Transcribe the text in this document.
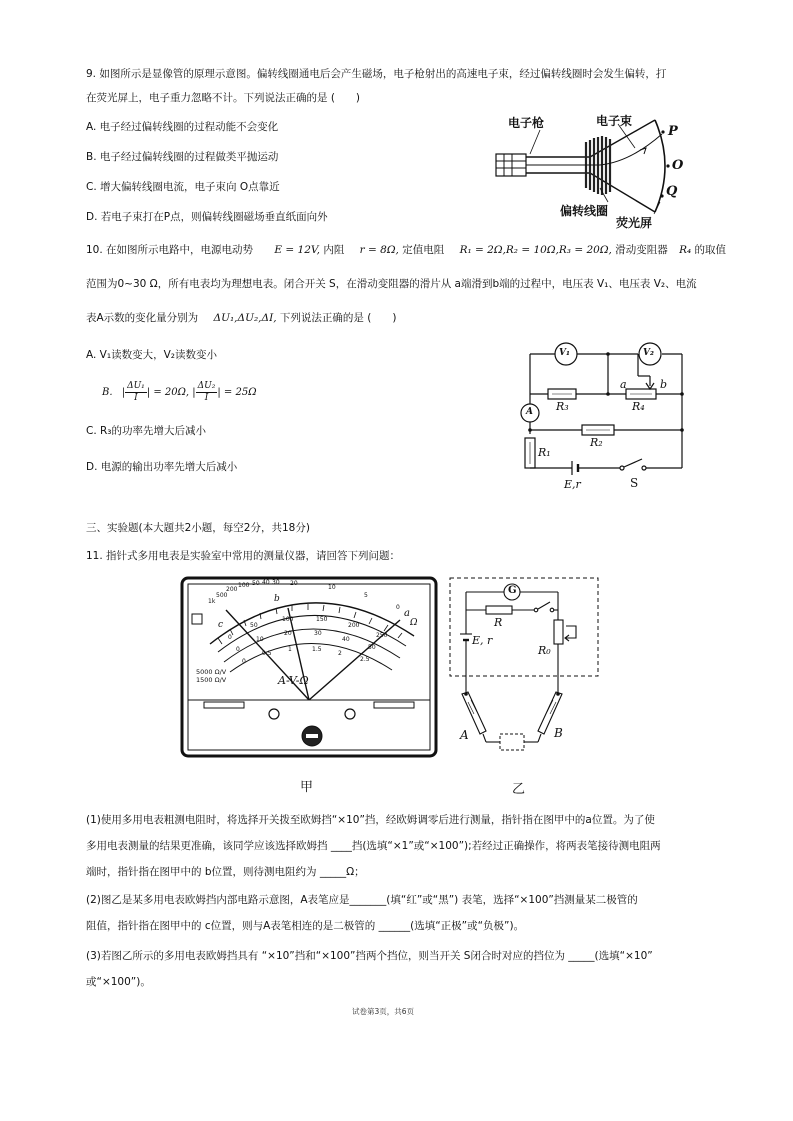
9. 如图所示是显像管的原理示意图。偏转线圈通电后会产生磁场，电子枪射出的高速电子束，经过偏转线圈时会发生偏转，打
在荧光屏上，电子重力忽略不计。下列说法正确的是 (　　)
A. 电子经过偏转线圈的过程动能不会变化
B. 电子经过偏转线圈的过程做类平抛运动
C. 增大偏转线圈电流，电子束向 O点靠近
D. 若电子束打在P点，则偏转线圈磁场垂直纸面向外
电子枪	电子束
偏转线圈
荧光屏
P
O
Q
10. 在如图所示电路中，电源电动势 E = 12V, 内阻 r = 8Ω, 定值电阻 R₁ = 2Ω,R₂ = 10Ω,R₃ = 20Ω, 滑动变阻器 R₄ 的取值
范围为0~30 Ω，所有电表均为理想电表。闭合开关 S，在滑动变阻器的滑片从 a端滑到b端的过程中，电压表 V₁、电压表 V₂、电流
表A示数的变化量分别为 ΔU₁,ΔU₂,ΔI, 下列说法正确的是 (　　)
A. V₁读数变大，V₂读数变小
B. | $\frac{\text{ΔU₁}}{I}$ | = 20Ω, | $\frac{\text{ΔU₂}}{I}$ | = 25Ω
C. R₃的功率先增大后减小
D. 电源的输出功率先增大后减小
V₁	V₂
A R₃	R₄
a	b
R₂
R₁
E,r	S
三、实验题(本大题共2小题，每空2分，共18分)
11. 指针式多用电表是实验室中常用的测量仪器，请回答下列问题：
b
a
Ω
c
A-V-Ω
5000 Ω/V
1500 Ω/V
1k
500
200
100 50 40 30 20
10
5
0
0
50
100	150
200
250
0
10
20	30
40
50
0
0.5
1	1.5
2
2.5
甲
G
R
E, r
R₀
A	B
乙
(1)使用多用电表粗测电阻时，将选择开关拨至欧姆挡“×10”挡，经欧姆调零后进行测量，指针指在图甲中的a位置。为了使
多用电表测量的结果更准确，该同学应该选择欧姆挡 ____挡(选填“×1”或“×100”);若经过正确操作，将两表笔接待测电阻两
端时，指针指在图甲中的 b位置，则待测电阻约为 _____Ω；
(2)图乙是某多用电表欧姆挡内部电路示意图，A表笔应是_______(填“红”或“黑”) 表笔，选择“×100”挡测量某二极管的
阻值，指针指在图甲中的 c位置，则与A表笔相连的是二极管的 ______(选填“正极”或“负极”)。
(3)若图乙所示的多用电表欧姆挡具有 “×10”挡和“×100”挡两个挡位，则当开关 S闭合时对应的挡位为 _____(选填“×10”
或“×100”)。
试卷第3页，共6页
